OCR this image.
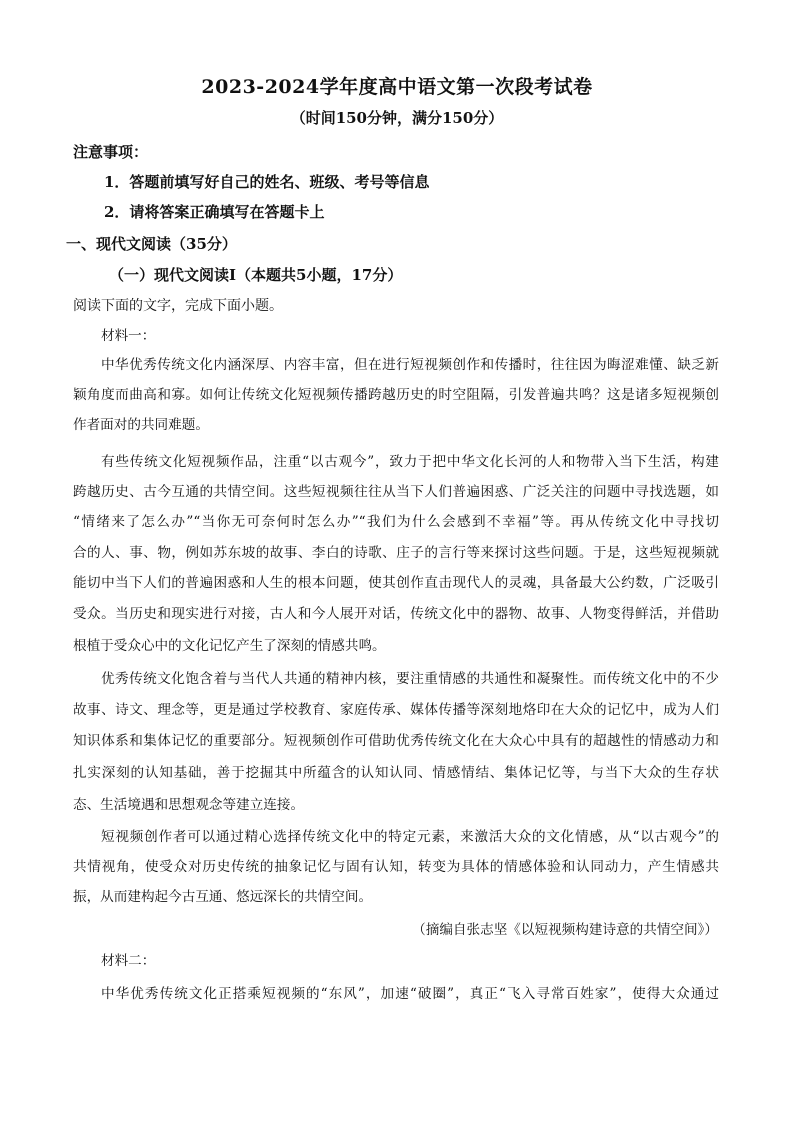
2023-2024学年度高中语文第一次段考试卷
（时间150分钟，满分150分）
注意事项：
1．答题前填写好自己的姓名、班级、考号等信息
2．请将答案正确填写在答题卡上
一、现代文阅读（35分）
（一）现代文阅读Ⅰ（本题共5小题，17分）
阅读下面的文字，完成下面小题。
材料一：
中华优秀传统文化内涵深厚、内容丰富，但在进行短视频创作和传播时，往往因为晦涩难懂、缺乏新
颖角度而曲高和寡。如何让传统文化短视频传播跨越历史的时空阻隔，引发普遍共鸣？这是诸多短视频创
作者面对的共同难题。
有些传统文化短视频作品，注重“以古观今”，致力于把中华文化长河的人和物带入当下生活，构建
跨越历史、古今互通的共情空间。这些短视频往往从当下人们普遍困惑、广泛关注的问题中寻找选题，如
“情绪来了怎么办”“当你无可奈何时怎么办”“我们为什么会感到不幸福”等。再从传统文化中寻找切
合的人、事、物，例如苏东坡的故事、李白的诗歌、庄子的言行等来探讨这些问题。于是，这些短视频就
能切中当下人们的普遍困惑和人生的根本问题，使其创作直击现代人的灵魂，具备最大公约数，广泛吸引
受众。当历史和现实进行对接，古人和今人展开对话，传统文化中的器物、故事、人物变得鲜活，并借助
根植于受众心中的文化记忆产生了深刻的情感共鸣。
优秀传统文化饱含着与当代人共通的精神内核，要注重情感的共通性和凝聚性。而传统文化中的不少
故事、诗文、理念等，更是通过学校教育、家庭传承、媒体传播等深刻地烙印在大众的记忆中，成为人们
知识体系和集体记忆的重要部分。短视频创作可借助优秀传统文化在大众心中具有的超越性的情感动力和
扎实深刻的认知基础，善于挖掘其中所蕴含的认知认同、情感情结、集体记忆等，与当下大众的生存状
态、生活境遇和思想观念等建立连接。
短视频创作者可以通过精心选择传统文化中的特定元素，来激活大众的文化情感，从“以古观今”的
共情视角，使受众对历史传统的抽象记忆与固有认知，转变为具体的情感体验和认同动力，产生情感共
振，从而建构起今古互通、悠远深长的共情空间。
（摘编自张志坚《以短视频构建诗意的共情空间》）
材料二：
中华优秀传统文化正搭乘短视频的“东风”，加速“破圈”，真正“飞入寻常百姓家”，使得大众通过
